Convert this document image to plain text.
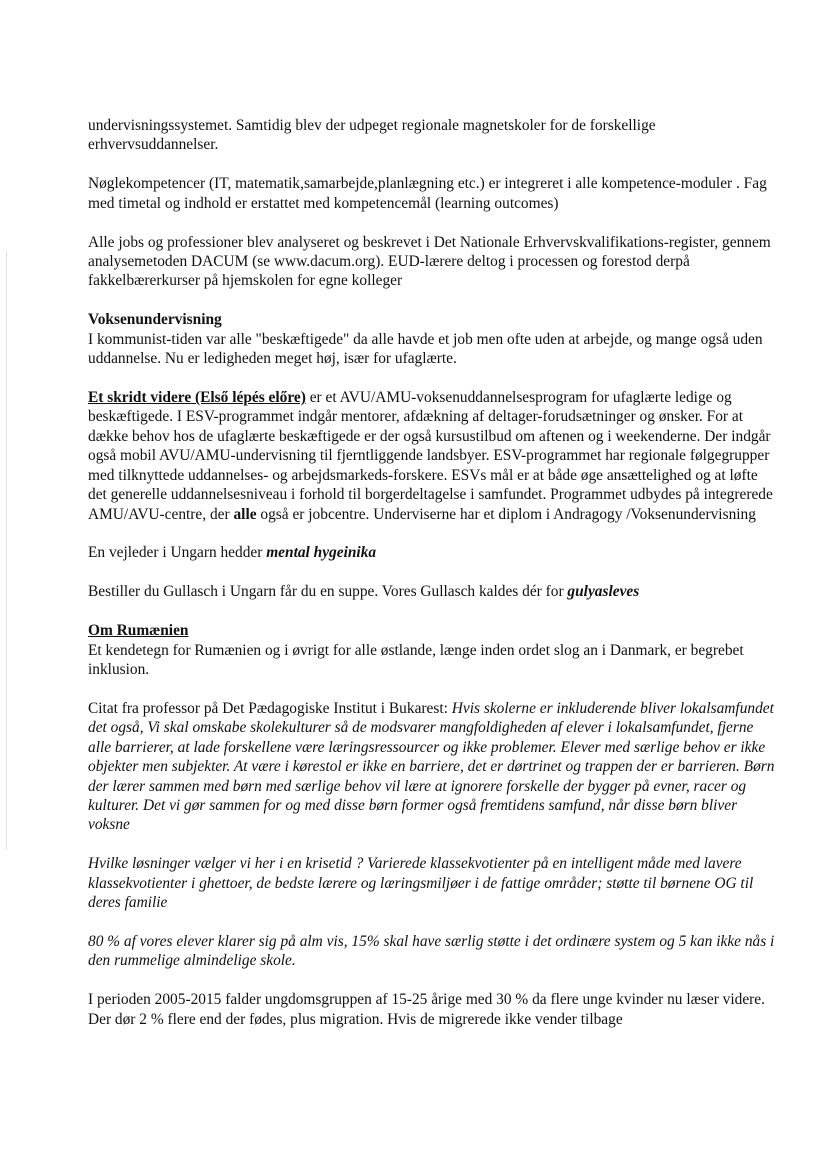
undervisningssystemet. Samtidig blev der udpeget regionale magnetskoler for de forskellige erhvervsuddannelser.

Nøglekompetencer (IT, matematik,samarbejde,planlægning etc.) er integreret i alle kompetence-moduler . Fag med timetal og indhold er erstattet med kompetencemål (learning outcomes)

Alle jobs og professioner blev analyseret og beskrevet i Det Nationale Erhvervskvalifikations-register, gennem analysemetoden DACUM (se www.dacum.org). EUD-lærere deltog i processen og forestod derpå fakkelbærerkurser på hjemskolen for egne kolleger

Voksenundervisning
I kommunist-tiden var alle "beskæftigede" da alle havde et job men ofte uden at arbejde, og mange også uden uddannelse. Nu er ledigheden meget høj, især for ufaglærte.

Et skridt videre (Első lépés előre) er et AVU/AMU-voksenuddannelsesprogram for ufaglærte ledige og beskæftigede. I ESV-programmet indgår mentorer, afdækning af deltager-forudsætninger og ønsker. For at dække behov hos de ufaglærte beskæftigede er der også kursustilbud om aftenen og i weekenderne. Der indgår også mobil AVU/AMU-undervisning til fjerntliggende landsbyer. ESV-programmet har regionale følgegrupper med tilknyttede uddannelses- og arbejdsmarkeds-forskere. ESVs mål er at både øge ansættelighed og at løfte det generelle uddannelsesniveau i forhold til borgerdeltagelse i samfundet. Programmet udbydes på integrerede AMU/AVU-centre, der alle også er jobcentre. Underviserne har et diplom i Andragogy /Voksenundervisning

En vejleder i Ungarn hedder mental hygeinika

Bestiller du Gullasch i Ungarn får du en suppe. Vores Gullasch kaldes dér for gulyasleves

Om Rumænien
Et kendetegn for Rumænien og i øvrigt for alle østlande, længe inden ordet slog an i Danmark, er begrebet inklusion.

Citat fra professor på Det Pædagogiske Institut i Bukarest: Hvis skolerne er inkluderende bliver lokalsamfundet det også, Vi skal omskabe skolekulturer så de modsvarer mangfoldigheden af elever i lokalsamfundet, fjerne alle barrierer, at lade forskellene være læringsressourcer og ikke problemer. Elever med særlige behov er ikke objekter men subjekter. At være i kørestol er ikke en barriere, det er dørtrinet og trappen der er barrieren. Børn der lærer sammen med børn med særlige behov vil lære at ignorere forskelle der bygger på evner, racer og kulturer. Det vi gør sammen for og med disse børn former også fremtidens samfund, når disse børn bliver voksne

Hvilke løsninger vælger vi her i en krisetid ? Varierede klassekvotienter på en intelligent måde med lavere klassekvotienter i ghettoer, de bedste lærere og læringsmiljøer i de fattige områder; støtte til børnene OG til deres familie

80 % af vores elever klarer sig på alm vis, 15% skal have særlig støtte i det ordinære system og 5 kan ikke nås i den rummelige almindelige skole.

I perioden 2005-2015 falder ungdomsgruppen af 15-25 årige med 30 % da flere unge kvinder nu læser videre. Der dør 2 % flere end der fødes, plus migration. Hvis de migrerede ikke vender tilbage
